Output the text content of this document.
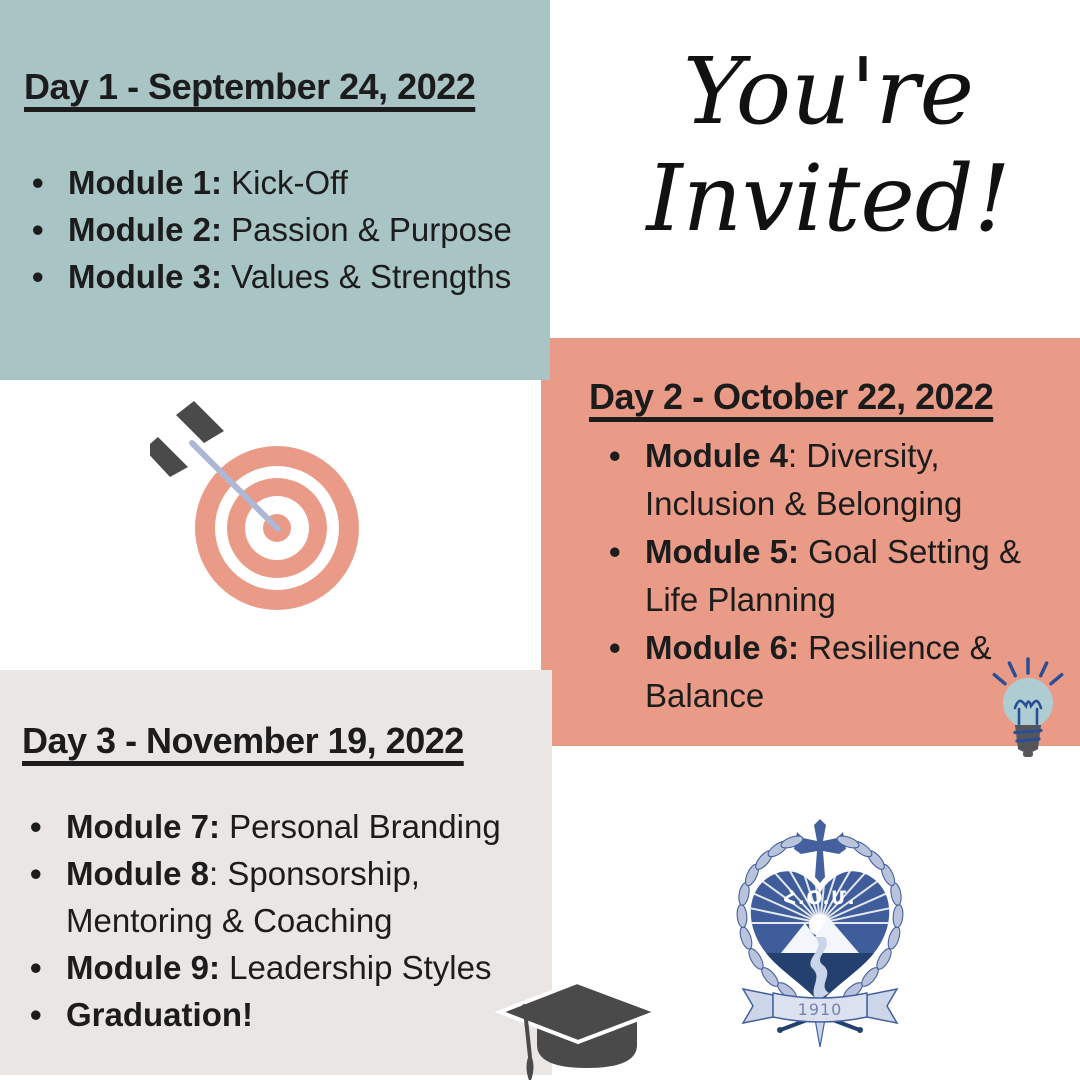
Day 2 - October 22, 2022
• Module 4: Diversity, Inclusion & Belonging
• Module 5: Goal Setting & Life Planning
• Module 6: Resilience & Balance
Day 3 - November 19, 2022
• Module 7: Personal Branding
• Module 8: Sponsorship, Mentoring & Coaching
• Module 9: Leadership Styles
• Graduation!
Day 1 - September 24, 2022
• Module 1: Kick-Off
• Module 2: Passion & Purpose
• Module 3: Values & Strengths
You're
Invited!
Հ.Օ.Մ.
1910
